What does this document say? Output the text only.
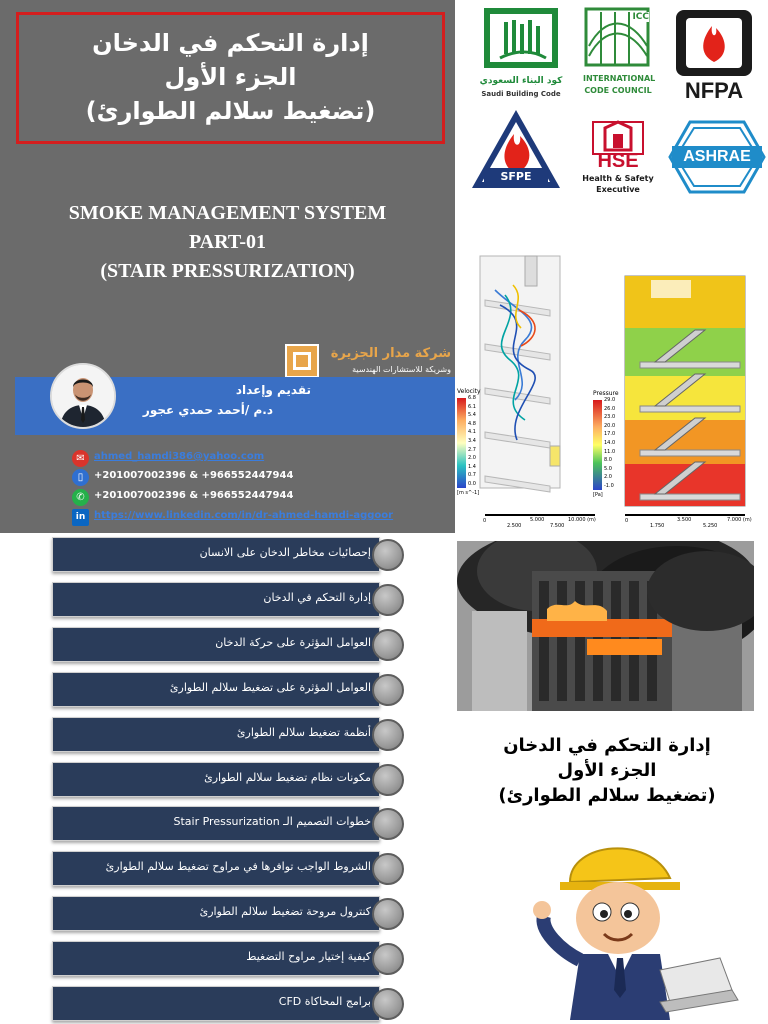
إدارة التحكم في الدخان
الجزء الأول
(تضغيط سلالم الطوارئ)
SMOKE MANAGEMENT SYSTEM
PART-01
(STAIR PRESSURIZATION)
شركة مدار الجزيرة
وشريكة للاستشارات الهندسية
تقديم وإعداد
د.م /أحمد حمدي عجور
✉ ahmed_hamdi386@yahoo.com
▯	+201007002396 & +966552447944
✆ +201007002396 & +966552447944
in https://www.linkedin.com/in/dr-ahmed-hamdi-aggoor
كود البناء السعودي
Saudi Building Code
ICC
INTERNATIONAL
CODE COUNCIL	NFPA
SFPE
HSE
Health & Safety
Executive
ASHRAE
Velocity	Pressure
6.8
6.1
5.4
4.8
4.1
3.4
2.7
2.0
1.4
0.7
0.0
29.0
26.0
23.0
20.0
17.0
14.0
11.0
8.0
5.0
2.0
-1.0
[m s^-1]	[Pa]
0
2.500
5.000
7.500
10.000 (m)	0
1.750
3.500
5.250
7.000 (m)
إحصائيات مخاطر الدخان على الانسان
إدارة التحكم في الدخان
العوامل المؤثرة على حركة الدخان
العوامل المؤثرة على تضغيط سلالم الطوارئ
أنظمة تضغيط سلالم الطوارئ
مكونات نظام تضغيط سلالم الطوارئ
خطوات التصميم الـ Stair Pressurization
الشروط الواجب توافرها في مراوح تضغيط سلالم الطوارئ
كنترول مروحة تضغيط سلالم الطوارئ
كيفية إختيار مراوح التضغيط
برامج المحاكاة CFD
إدارة التحكم في الدخان
الجزء الأول
(تضغيط سلالم الطوارئ)
